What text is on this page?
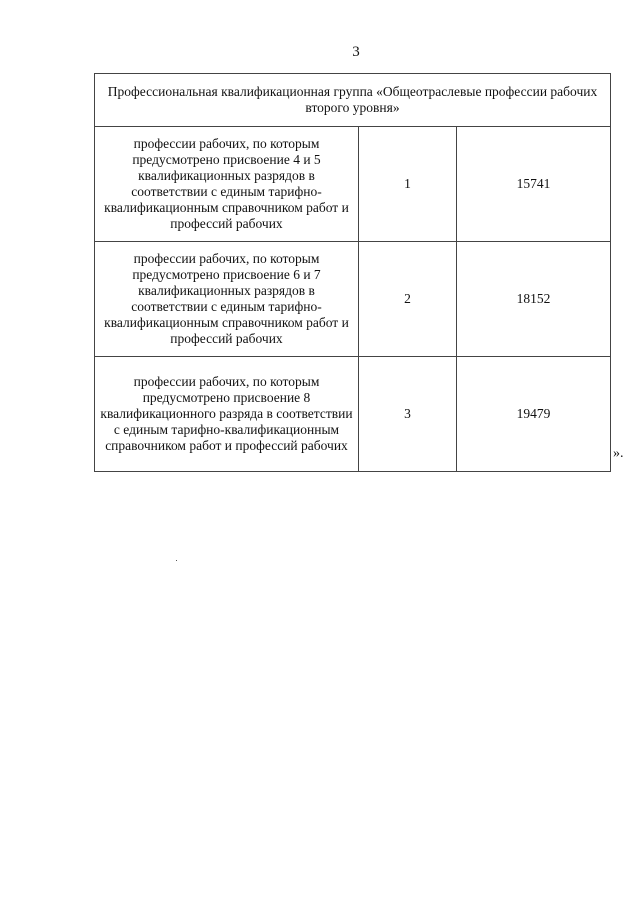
3
Профессиональная квалификационная группа «Общеотраслевые профессии рабочих второго уровня»		
профессии рабочих, по которым предусмотрено присвоение 4 и 5 квалификационных разрядов в соответствии с единым тарифно-квалификационным справочником работ и профессий рабочих	1	15741
профессии рабочих, по которым предусмотрено присвоение 6 и 7 квалификационных разрядов в соответствии с единым тарифно-квалификационным справочником работ и профессий рабочих	2	18152
профессии рабочих, по которым предусмотрено присвоение 8 квалификационного разряда в соответствии с единым тарифно-квалификационным справочником работ и профессий рабочих	3	19479
».
